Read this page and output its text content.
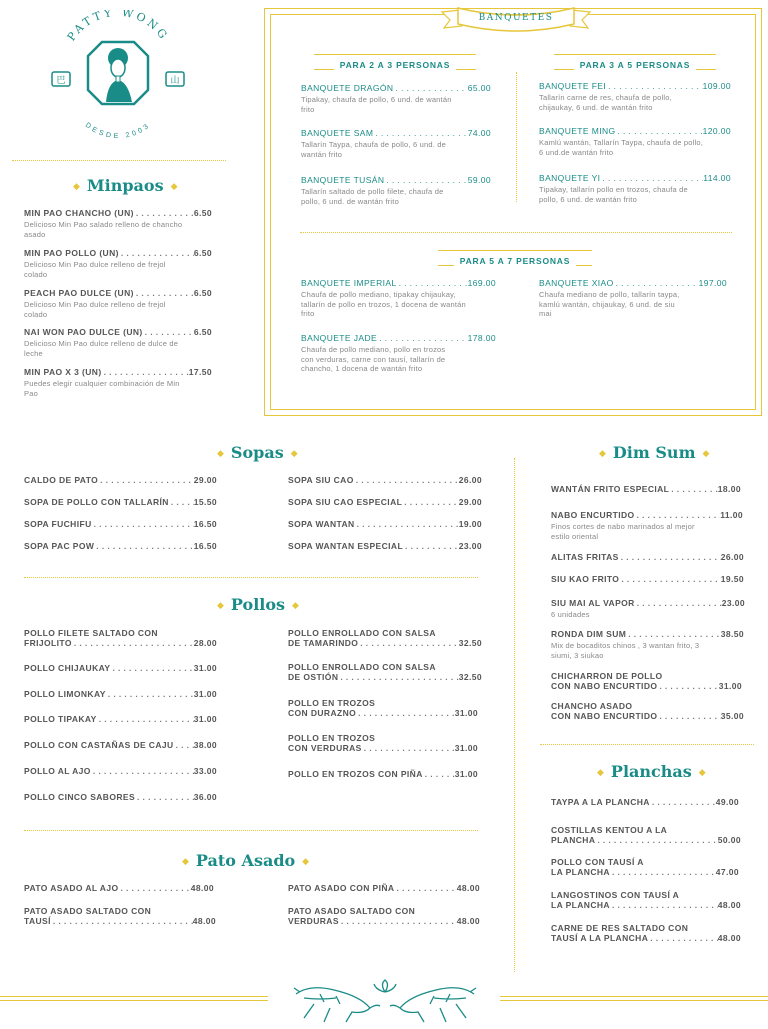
PATTY WONG
DESDE 2003
巴	山
BANQUETES
PARA 2 A 3 PERSONAS	PARA 3 A 5 PERSONAS
PARA 5 A 7 PERSONAS
◆ Minpaos ◆
◆ Sopas ◆
◆ Pollos ◆
◆ Pato Asado ◆
◆ Dim Sum ◆
◆ Planchas ◆
BANQUETE DRAGÓN . . .	65.00
Tipakay, chaufa de pollo, 6 und. de wantán frito
BANQUETE SAM . . .	74.00
Tallarín Taypa, chaufa de pollo, 6 und. de wantán frito
BANQUETE TUSÁN . . .	59.00
Tallarín saltado de pollo filete, chaufa de pollo, 6 und. de wantán frito
BANQUETE FEI . . .	109.00
Tallarín carne de res, chaufa de pollo, chijaukay, 6 und. de wantán frito
BANQUETE MING . . .	120.00
Kamlú wantán, Tallarín Taypa, chaufa de pollo, 6 und.de wantán frito
BANQUETE YI . . .	114.00
Tipakay, tallarín pollo en trozos, chaufa de pollo, 6 und. de wantán frito
BANQUETE IMPERIAL . . .	169.00
Chaufa de pollo mediano, tipakay chijaukay, tallarín de pollo en trozos, 1 docena de wantán frito
BANQUETE JADE . . .	178.00
Chaufa de pollo mediano, pollo en trozos con verduras, carne con tausí, tallarín de chancho, 1 docena de wantán frito
BANQUETE XIAO . . .	197.00
Chaufa mediano de pollo, tallarín taypa, kamlú wantán, chijaukay, 6 und. de siu mai
MIN PAO CHANCHO (UN) . . .	6.50
Delicioso Min Pao salado relleno de chancho asado
MIN PAO POLLO (UN) . . .	6.50
Delicioso Min Pao dulce relleno de frejol colado
PEACH PAO DULCE (UN) . . .	6.50
Delicioso Min Pao dulce relleno de frejol colado
NAI WON PAO DULCE (UN) . . .	6.50
Delicioso Min Pao dulce relleno de dulce de leche
MIN PAO X 3 (UN) . . .	17.50
Puedes elegir cualquier combinación de Min Pao
CALDO DE PATO . . .	29.00
SOPA DE POLLO CON TALLARÍN . . .	15.50
SOPA FUCHIFU . . .	16.50
SOPA PAC POW . . .	16.50
SOPA SIU CAO . . .	26.00
SOPA SIU CAO ESPECIAL . . .	29.00
SOPA WANTAN . . .	19.00
SOPA WANTAN ESPECIAL . . .	23.00
POLLO FILETE SALTADO CON
FRIJOLITO . . .	28.00
POLLO CHIJAUKAY . . .	31.00
POLLO LIMONKAY . . .	31.00
POLLO TIPAKAY . . .	31.00
POLLO CON CASTAÑAS DE CAJU . . . 38.00
POLLO AL AJO . . .	33.00
POLLO CINCO SABORES . . .	36.00
POLLO ENROLLADO CON SALSA
DE TAMARINDO . . .	32.50
POLLO ENROLLADO CON SALSA
DE OSTIÓN . . .	32.50
POLLO EN TROZOS
CON DURAZNO . . .	31.00
POLLO EN TROZOS
CON VERDURAS . . .	31.00
POLLO EN TROZOS CON PIÑA . . .	31.00
PATO ASADO AL AJO . . .	48.00
PATO ASADO SALTADO CON
TAUSÍ . . .	48.00
PATO ASADO CON PIÑA . . .	48.00
PATO ASADO SALTADO CON
VERDURAS . . .	48.00
WANTÁN FRITO ESPECIAL . . .	18.00
NABO ENCURTIDO . . .	11.00
Finos cortes de nabo marinados al mejor estilo oriental
ALITAS FRITAS . . .	26.00
SIU KAO FRITO . . .	19.50
SIU MAI AL VAPOR . . .	23.00
6 unidades
RONDA DIM SUM . . .	38.50
Mix de bocaditos chinos , 3 wantan frito, 3 siumi, 3 siukao
CHICHARRON DE POLLO
CON NABO ENCURTIDO . . .	31.00
CHANCHO ASADO
CON NABO ENCURTIDO . . .	35.00
TAYPA A LA PLANCHA . . .	49.00
COSTILLAS KENTOU A LA
PLANCHA . . .	50.00
POLLO CON TAUSÍ A
LA PLANCHA . . .	47.00
LANGOSTINOS CON TAUSÍ A
LA PLANCHA . . .	48.00
CARNE DE RES SALTADO CON
TAUSÍ A LA PLANCHA . . .	48.00
